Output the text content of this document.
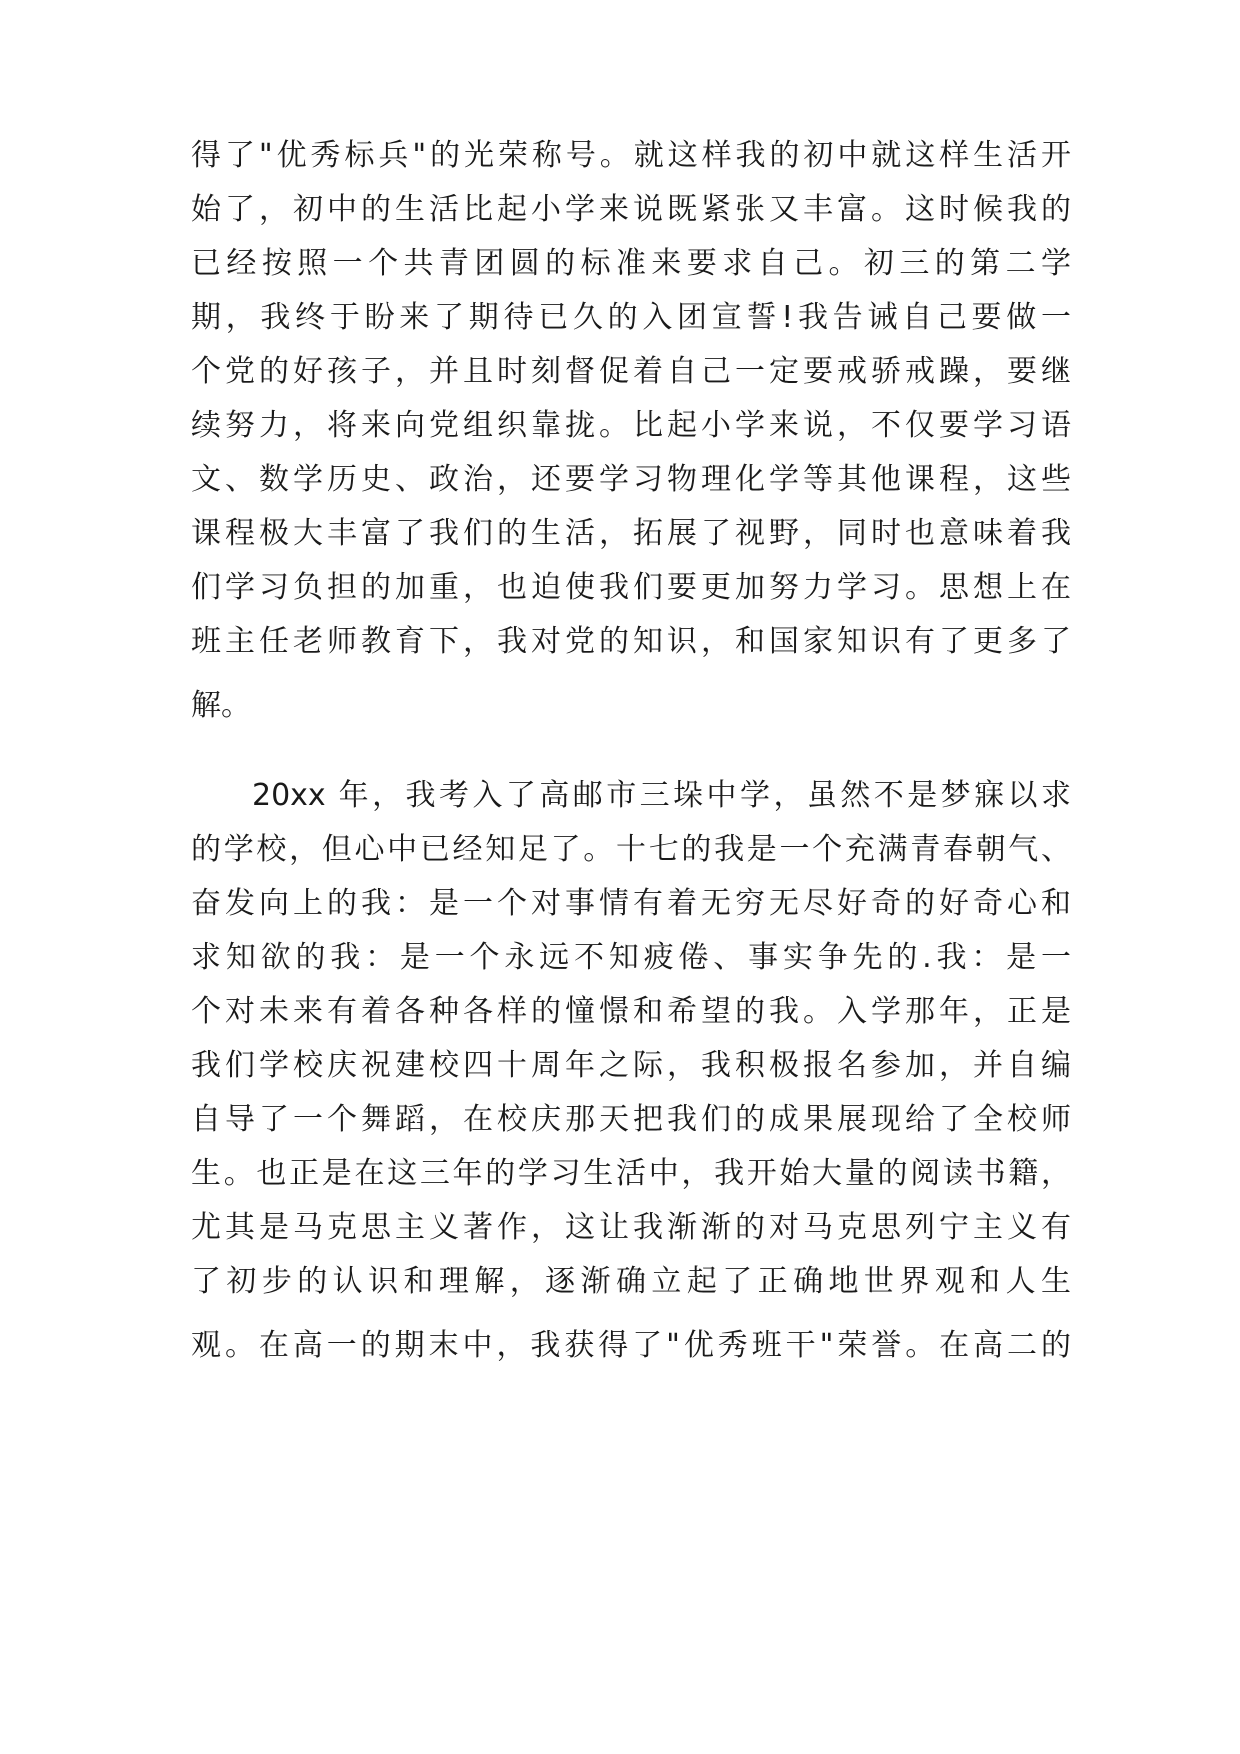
得了"优秀标兵"的光荣称号。就这样我的初中就这样生活开
始了，初中的生活比起小学来说既紧张又丰富。这时候我的
已经按照一个共青团圆的标准来要求自己。初三的第二学
期，我终于盼来了期待已久的入团宣誓!我告诫自己要做一
个党的好孩子，并且时刻督促着自己一定要戒骄戒躁，要继
续努力，将来向党组织靠拢。比起小学来说，不仅要学习语
文、数学历史、政治，还要学习物理化学等其他课程，这些
课程极大丰富了我们的生活，拓展了视野，同时也意味着我
们学习负担的加重，也迫使我们要更加努力学习。思想上在
班主任老师教育下，我对党的知识，和国家知识有了更多了
解。
20xx 年，我考入了高邮市三垛中学，虽然不是梦寐以求
的学校，但心中已经知足了。十七的我是一个充满青春朝气、
奋发向上的我：是一个对事情有着无穷无尽好奇的好奇心和
求知欲的我：是一个永远不知疲倦、事实争先的.我：是一
个对未来有着各种各样的憧憬和希望的我。入学那年，正是
我们学校庆祝建校四十周年之际，我积极报名参加，并自编
自导了一个舞蹈，在校庆那天把我们的成果展现给了全校师
生。也正是在这三年的学习生活中，我开始大量的阅读书籍，
尤其是马克思主义著作，这让我渐渐的对马克思列宁主义有
了初步的认识和理解，逐渐确立起了正确地世界观和人生
观。在高一的期末中，我获得了"优秀班干"荣誉。在高二的
